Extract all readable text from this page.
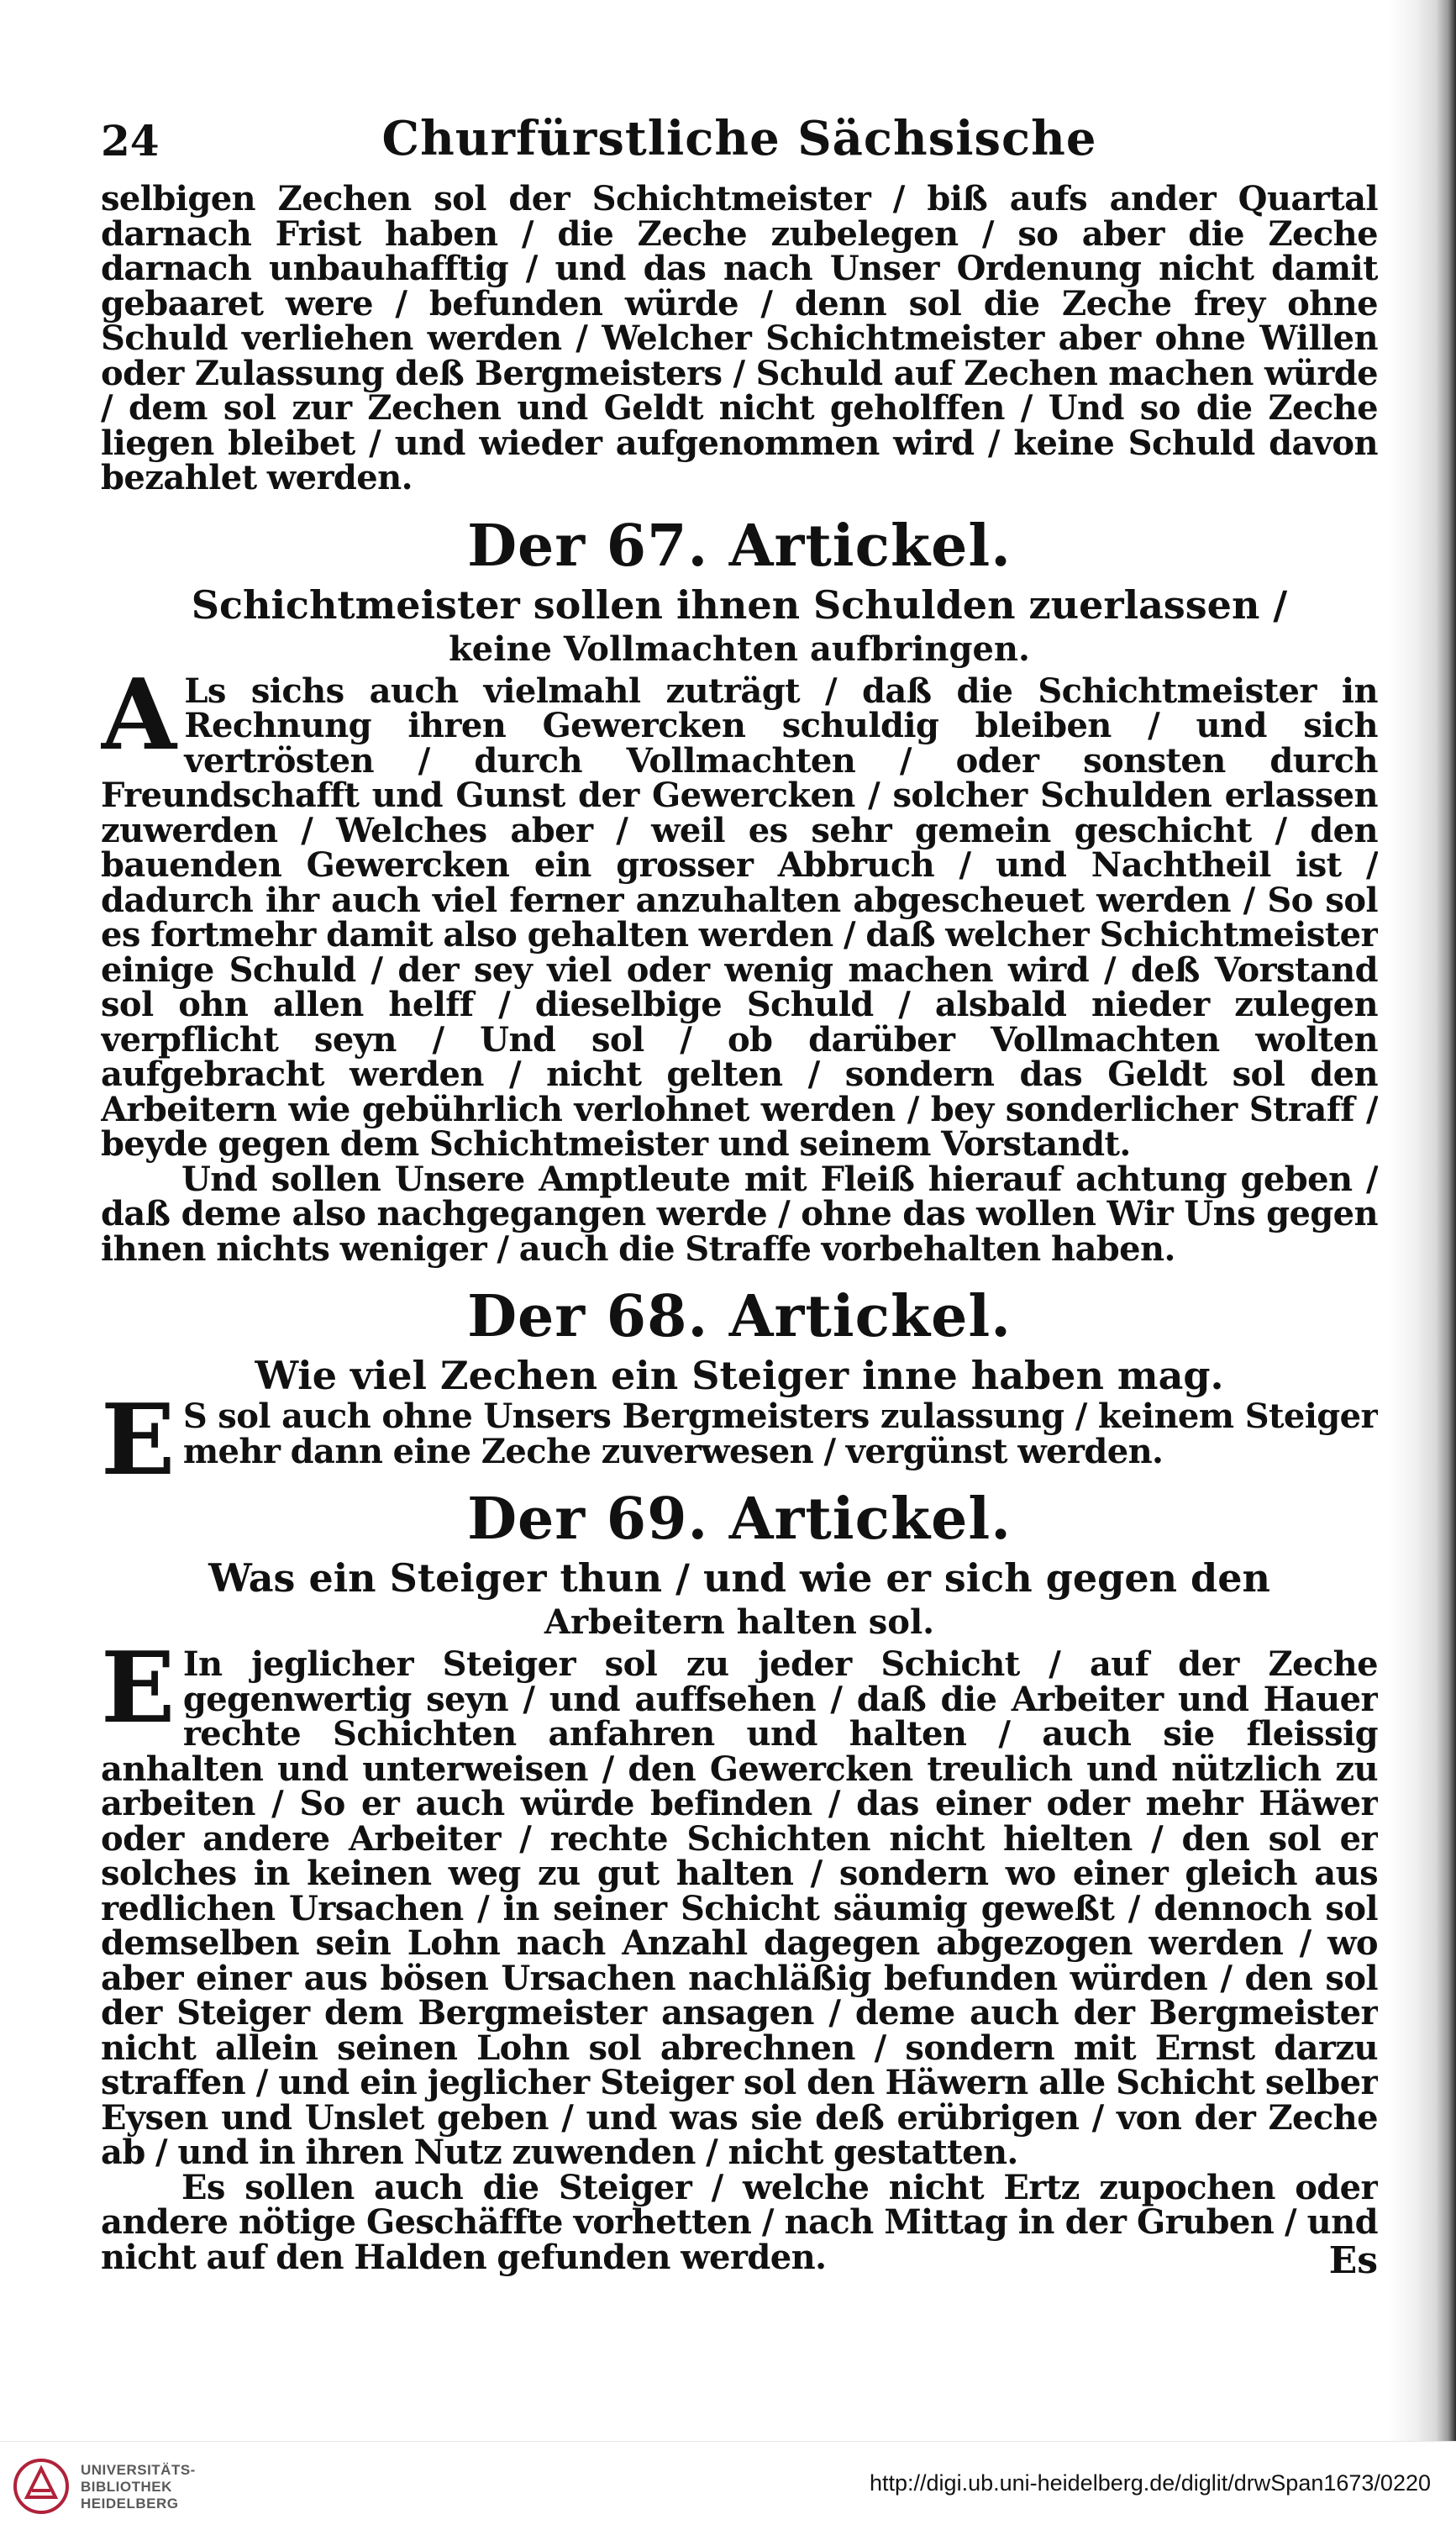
24	Churfürstliche Sächsische

selbigen Zechen sol der Schichtmeister / biß aufs ander Quartal darnach Frist haben / die Zeche zubelegen / so aber die Zeche darnach unbauhafftig / und das nach Unser Ordenung nicht damit gebaaret were / befunden würde / denn sol die Zeche frey ohne Schuld verliehen werden / Welcher Schichtmeister aber ohne Willen oder Zulassung deß Bergmeisters / Schuld auf Zechen machen würde / dem sol zur Zechen und Geldt nicht geholffen / Und so die Zeche liegen bleibet / und wieder aufgenommen wird / keine Schuld davon bezahlet werden.

Der 67. Artickel.
Schichtmeister sollen ihnen Schulden zuerlassen /
keine Vollmachten aufbringen.

A Ls sichs auch vielmahl zuträgt / daß die Schichtmeister in Rechnung ihren Gewercken schuldig bleiben / und sich vertrösten / durch Vollmachten / oder sonsten durch Freundschafft und Gunst der Gewercken / solcher Schulden erlassen zuwerden / Welches aber / weil es sehr gemein geschicht / den bauenden Gewercken ein grosser Abbruch / und Nachtheil ist / dadurch ihr auch viel ferner anzuhalten abgescheuet werden / So sol es fortmehr damit also gehalten werden / daß welcher Schichtmeister einige Schuld / der sey viel oder wenig machen wird / deß Vorstand sol ohn allen helff / dieselbige Schuld / alsbald nieder zulegen verpflicht seyn / Und sol / ob darüber Vollmachten wolten aufgebracht werden / nicht gelten / sondern das Geldt sol den Arbeitern wie gebührlich verlohnet werden / bey sonderlicher Straff / beyde gegen dem Schichtmeister und seinem Vorstandt.

Und sollen Unsere Amptleute mit Fleiß hierauf achtung geben / daß deme also nachgegangen werde / ohne das wollen Wir Uns gegen ihnen nichts weniger / auch die Straffe vorbehalten haben.

Der 68. Artickel.
Wie viel Zechen ein Steiger inne haben mag.

E S sol auch ohne Unsers Bergmeisters zulassung / keinem Steiger mehr dann eine Zeche zuverwesen / vergünst werden.

Der 69. Artickel.
Was ein Steiger thun / und wie er sich gegen den
Arbeitern halten sol.

E In jeglicher Steiger sol zu jeder Schicht / auf der Zeche gegenwertig seyn / und auffsehen / daß die Arbeiter und Hauer rechte Schichten anfahren und halten / auch sie fleissig anhalten und unterweisen / den Gewercken treulich und nützlich zu arbeiten / So er auch würde befinden / das einer oder mehr Häwer oder andere Arbeiter / rechte Schichten nicht hielten / den sol er solches in keinen weg zu gut halten / sondern wo einer gleich aus redlichen Ursachen / in seiner Schicht säumig geweßt / dennoch sol demselben sein Lohn nach Anzahl dagegen abgezogen werden / wo aber einer aus bösen Ursachen nachläßig befunden würden / den sol der Steiger dem Bergmeister ansagen / deme auch der Bergmeister nicht allein seinen Lohn sol abrechnen / sondern mit Ernst darzu straffen / und ein jeglicher Steiger sol den Häwern alle Schicht selber Eysen und Unslet geben / und was sie deß erübrigen / von der Zeche ab / und in ihren Nutz zuwenden / nicht gestatten.

Es sollen auch die Steiger / welche nicht Ertz zupochen oder andere nötige Geschäffte vorhetten / nach Mittag in der Gruben / und nicht auf den Halden gefunden werden.	Es
UNIVERSITÄTS-
BIBLIOTHEK
HEIDELBERG
http://digi.ub.uni-heidelberg.de/diglit/drwSpan1673/0220
